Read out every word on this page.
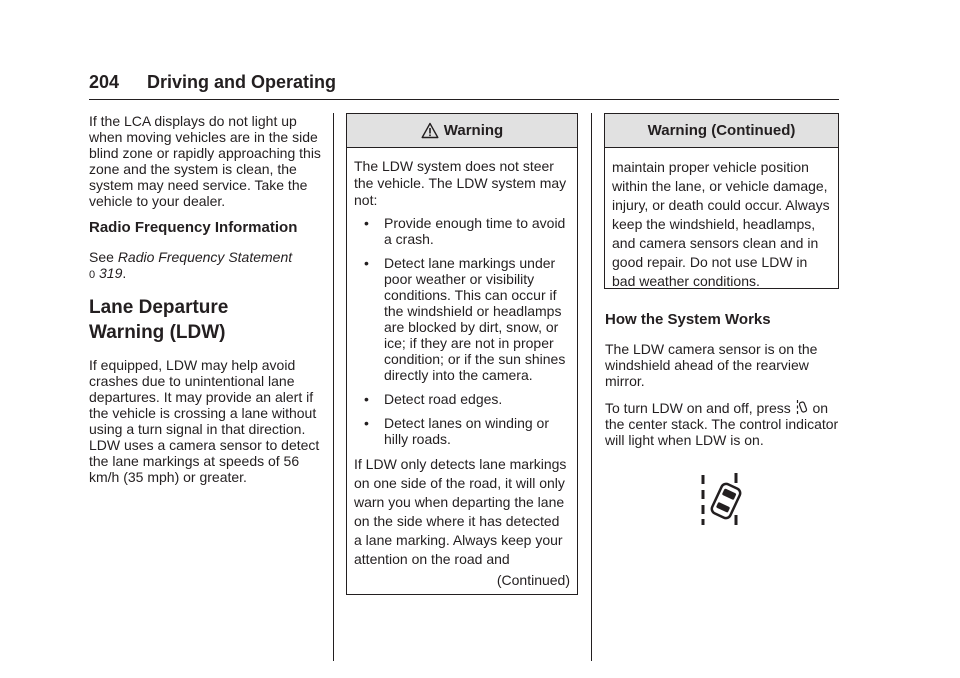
204 Driving and Operating

If the LCA displays do not light up when moving vehicles are in the side blind zone or rapidly approaching this zone and the system is clean, the system may need service. Take the vehicle to your dealer.

Radio Frequency Information

See Radio Frequency Statement
0 319.

Lane Departure
Warning (LDW)

If equipped, LDW may help avoid crashes due to unintentional lane departures. It may provide an alert if the vehicle is crossing a lane without using a turn signal in that direction. LDW uses a camera sensor to detect the lane markings at speeds of 56 km/h (35 mph) or greater.

Warning

The LDW system does not steer the vehicle. The LDW system may not:

•	Provide enough time to avoid a crash.
•	Detect lane markings under poor weather or visibility conditions. This can occur if the windshield or headlamps are blocked by dirt, snow, or ice; if they are not in proper condition; or if the sun shines directly into the camera.
•	Detect road edges.
•	Detect lanes on winding or hilly roads.

If LDW only detects lane markings on one side of the road, it will only warn you when departing the lane on the side where it has detected a lane marking. Always keep your attention on the road and

(Continued)
Warning (Continued)

maintain proper vehicle position within the lane, or vehicle damage, injury, or death could occur. Always keep the windshield, headlamps, and camera sensors clean and in good repair. Do not use LDW in bad weather conditions.

How the System Works

The LDW camera sensor is on the windshield ahead of the rearview mirror.

To turn LDW on and off, press  on the center stack. The control indicator will light when LDW is on.
